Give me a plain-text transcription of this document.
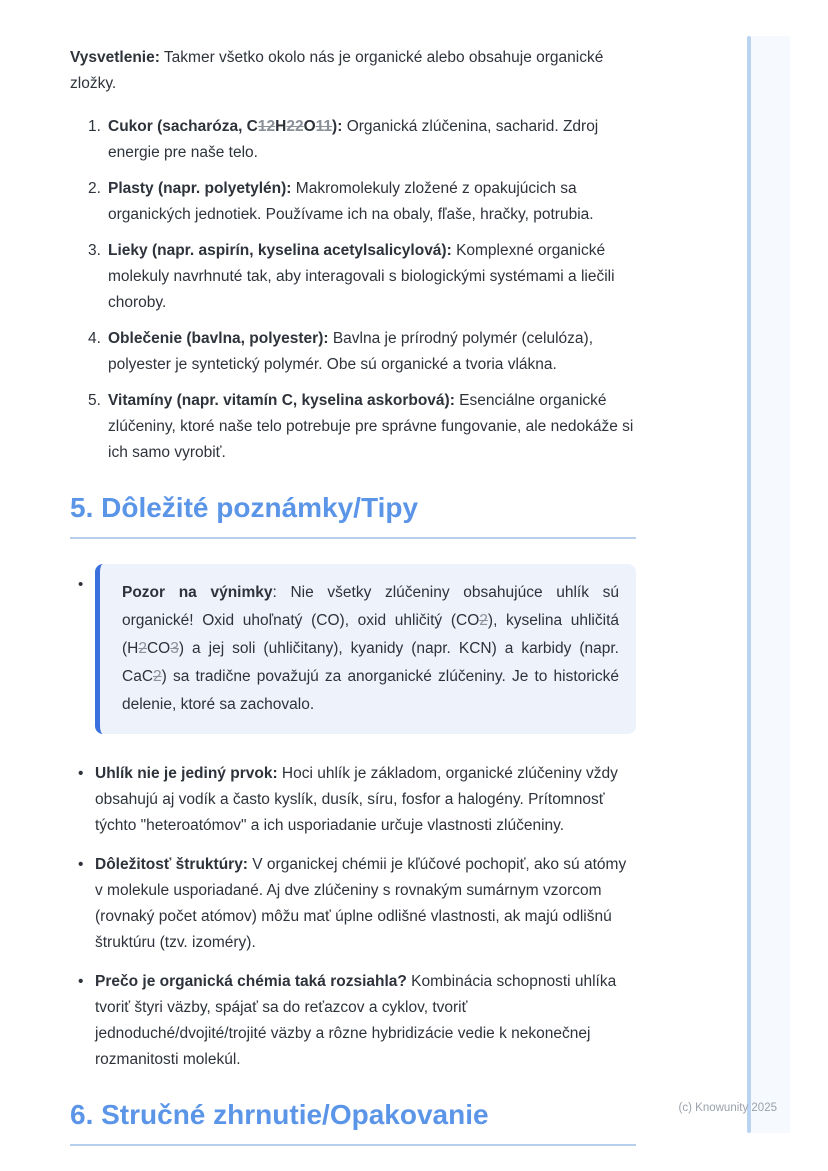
Vysvetlenie: Takmer všetko okolo nás je organické alebo obsahuje organické zložky.

1. Cukor (sacharóza, C12H22O11): Organická zlúčenina, sacharid. Zdroj energie pre naše telo.
2. Plasty (napr. polyetylén): Makromolekuly zložené z opakujúcich sa organických jednotiek. Používame ich na obaly, fľaše, hračky, potrubia.
3. Lieky (napr. aspirín, kyselina acetylsalicylová): Komplexné organické molekuly navrhnuté tak, aby interagovali s biologickými systémami a liečili choroby.
4. Oblečenie (bavlna, polyester): Bavlna je prírodný polymér (celulóza), polyester je syntetický polymér. Obe sú organické a tvoria vlákna.
5. Vitamíny (napr. vitamín C, kyselina askorbová): Esenciálne organické zlúčeniny, ktoré naše telo potrebuje pre správne fungovanie, ale nedokáže si ich samo vyrobiť.
5. Dôležité poznámky/Tipy

• Pozor na výnimky: Nie všetky zlúčeniny obsahujúce uhlík sú organické! Oxid uhoľnatý (CO), oxid uhličitý (CO2), kyselina uhličitá (H2CO3) a jej soli (uhličitany), kyanidy (napr. KCN) a karbidy (napr. CaC2) sa tradične považujú za anorganické zlúčeniny. Je to historické delenie, ktoré sa zachovalo.

• Uhlík nie je jediný prvok: Hoci uhlík je základom, organické zlúčeniny vždy obsahujú aj vodík a často kyslík, dusík, síru, fosfor a halogény. Prítomnosť týchto "heteroatómov" a ich usporiadanie určuje vlastnosti zlúčeniny.
• Dôležitosť štruktúry: V organickej chémii je kľúčové pochopiť, ako sú atómy v molekule usporiadané. Aj dve zlúčeniny s rovnakým sumárnym vzorcom (rovnaký počet atómov) môžu mať úplne odlišné vlastnosti, ak majú odlišnú štruktúru (tzv. izoméry).
• Prečo je organická chémia taká rozsiahla? Kombinácia schopnosti uhlíka tvoriť štyri väzby, spájať sa do reťazcov a cyklov, tvoriť jednoduché/dvojité/trojité väzby a rôzne hybridizácie vedie k nekonečnej rozmanitosti molekúl.
6. Stručné zhrnutie/Opakovanie	(c) Knowunity 2025
